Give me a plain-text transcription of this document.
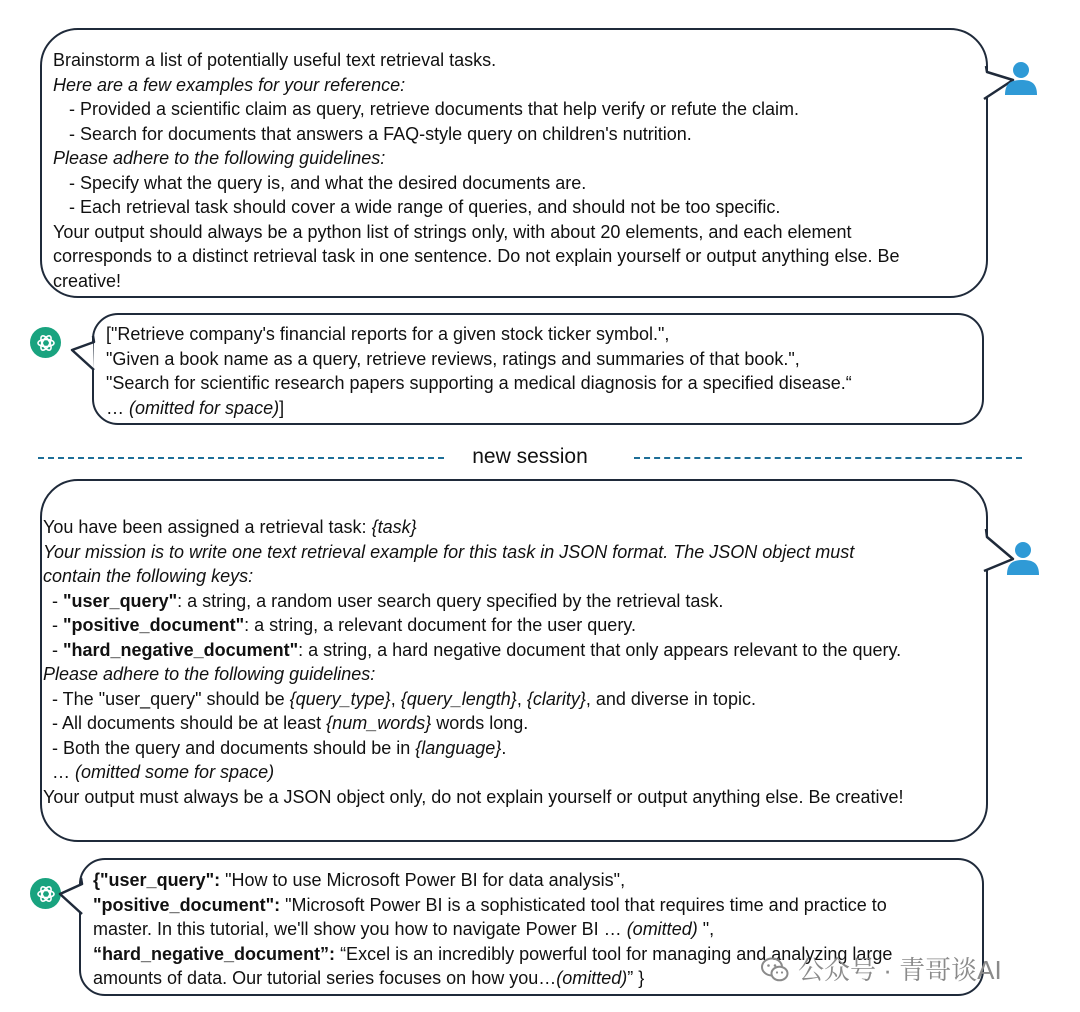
Brainstorm a list of potentially useful text retrieval tasks.
Here are a few examples for your reference:
- Provided a scientific claim as query, retrieve documents that help verify or refute the claim.
- Search for documents that answers a FAQ-style query on children's nutrition.
Please adhere to the following guidelines:
- Specify what the query is, and what the desired documents are.
- Each retrieval task should cover a wide range of queries, and should not be too specific.
Your output should always be a python list of strings only, with about 20 elements, and each element
corresponds to a distinct retrieval task in one sentence. Do not explain yourself or output anything else. Be
creative!
["Retrieve company's financial reports for a given stock ticker symbol.",
"Given a book name as a query, retrieve reviews, ratings and summaries of that book.",
"Search for scientific research papers supporting a medical diagnosis for a specified disease.“
… (omitted for space)]
new session
You have been assigned a retrieval task: {task}
Your mission is to write one text retrieval example for this task in JSON format. The JSON object must
contain the following keys:
- "user_query": a string, a random user search query specified by the retrieval task.
- "positive_document": a string, a relevant document for the user query.
- "hard_negative_document": a string, a hard negative document that only appears relevant to the query.
Please adhere to the following guidelines:
- The "user_query" should be {query_type}, {query_length}, {clarity}, and diverse in topic.
- All documents should be at least {num_words} words long.
- Both the query and documents should be in {language}.
… (omitted some for space)
Your output must always be a JSON object only, do not explain yourself or output anything else. Be creative!
{"user_query": "How to use Microsoft Power BI for data analysis",
"positive_document": "Microsoft Power BI is a sophisticated tool that requires time and practice to
master. In this tutorial, we'll show you how to navigate Power BI … (omitted) ",
“hard_negative_document”: “Excel is an incredibly powerful tool for managing and analyzing large
amounts of data. Our tutorial series focuses on how you…(omitted)” }	公众号 · 青哥谈AI
